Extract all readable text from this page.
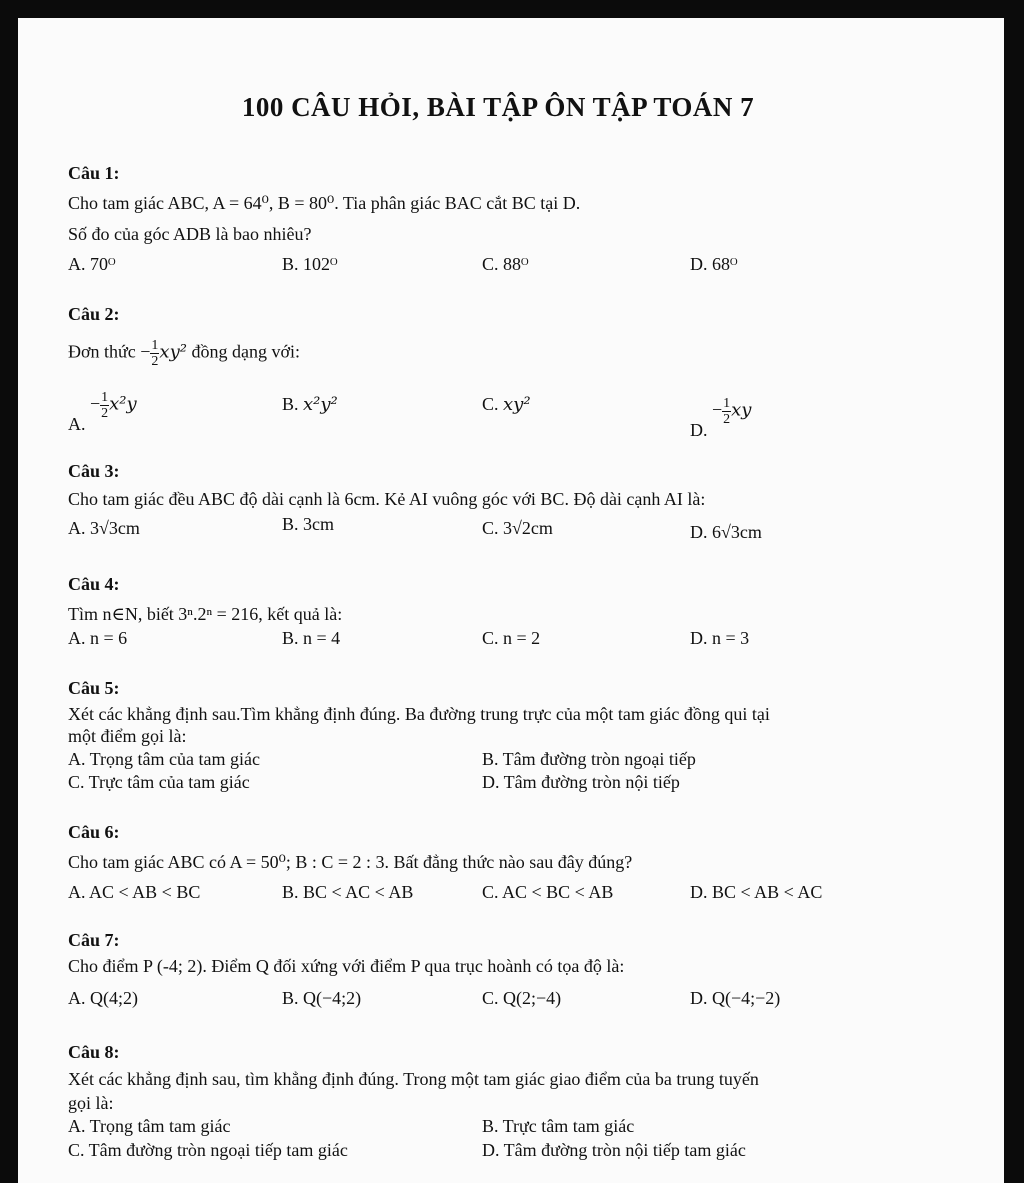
100 CÂU HỎI, BÀI TẬP ÔN TẬP TOÁN 7
Câu 1:
Cho tam giác ABC, A = 64⁰, B = 80⁰. Tia phân giác BAC cắt BC tại D.
Số đo của góc ADB là bao nhiêu?
A. 70ᴼ	B. 102ᴼ	C. 88ᴼ	D. 68ᴼ
Câu 2:
Đơn thức − $\frac{1}{2} xy^2$ đồng dạng với:
A. − $\frac{1}{2} x^2y$	B. x²y²	C. xy²
D. − $\frac{1}{2}$ xy
Câu 3:
Cho tam giác đều ABC độ dài cạnh là 6cm. Kẻ AI vuông góc với BC. Độ dài cạnh AI là:
A. 3√3cm	B. 3cm	C. 3√2cm	D. 6√3cm
Câu 4:
Tìm n∈N, biết 3ⁿ.2ⁿ = 216, kết quả là:
A. n = 6	B. n = 4	C. n = 2	D. n = 3
Câu 5:
Xét các khẳng định sau.Tìm khẳng định đúng. Ba đường trung trực của một tam giác đồng qui tại
một điểm gọi là:
A. Trọng tâm của tam giác	B. Tâm đường tròn ngoại tiếp
C. Trực tâm của tam giác	D. Tâm đường tròn nội tiếp
Câu 6:
Cho tam giác ABC có A = 50⁰; B : C = 2 : 3. Bất đẳng thức nào sau đây đúng?
A. AC < AB < BC	B. BC < AC < AB	C. AC < BC < AB	D. BC < AB < AC
Câu 7:
Cho điểm P (-4; 2). Điểm Q đối xứng với điểm P qua trục hoành có tọa độ là:
A. Q(4;2)	B. Q(−4;2)	C. Q(2;−4)	D. Q(−4;−2)
Câu 8:
Xét các khẳng định sau, tìm khẳng định đúng. Trong một tam giác giao điểm của ba trung tuyến
gọi là:
A. Trọng tâm tam giác	B. Trực tâm tam giác
C. Tâm đường tròn ngoại tiếp tam giác	D. Tâm đường tròn nội tiếp tam giác
